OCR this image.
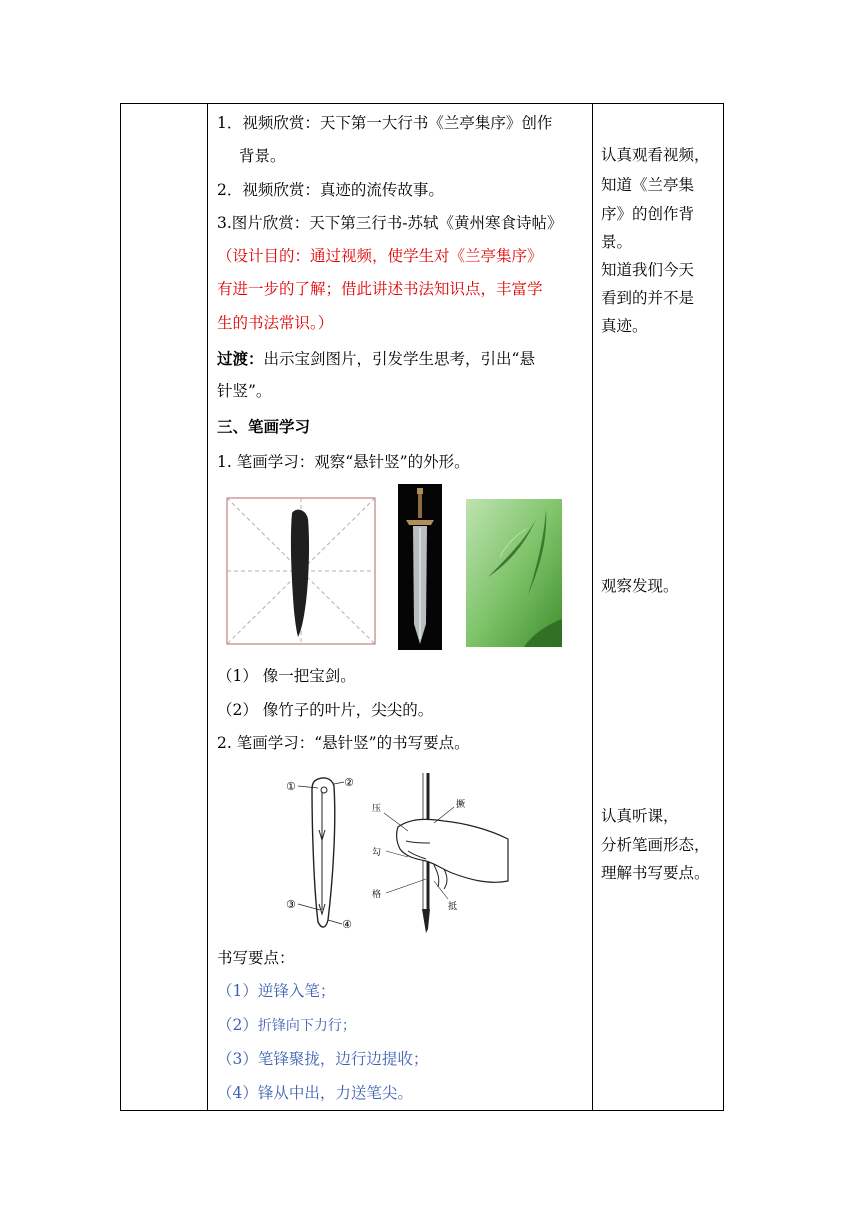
1．视频欣赏：天下第一大行书《兰亭集序》创作
背景。
2．视频欣赏：真迹的流传故事。
3.图片欣赏：天下第三行书-苏轼《黄州寒食诗帖》
（设计目的：通过视频，使学生对《兰亭集序》
有进一步的了解；借此讲述书法知识点，丰富学
生的书法常识。）
过渡：出示宝剑图片，引发学生思考，引出“悬
针竖”。
三、笔画学习
1. 笔画学习：观察“悬针竖”的外形。
（1） 像一把宝剑。
（2） 像竹子的叶片，尖尖的。
2. 笔画学习：“悬针竖”的书写要点。
①	②
③
④
压	撅
勾
格
抵
书写要点：
（1）逆锋入笔；
（2）折锋向下力行；
（3）笔锋聚拢，边行边提收；
（4）锋从中出，力送笔尖。

认真观看视频，
知道《兰亭集
序》的创作背
景。
知道我们今天
看到的并不是
真迹。
观察发现。
认真听课，
分析笔画形态，
理解书写要点。
